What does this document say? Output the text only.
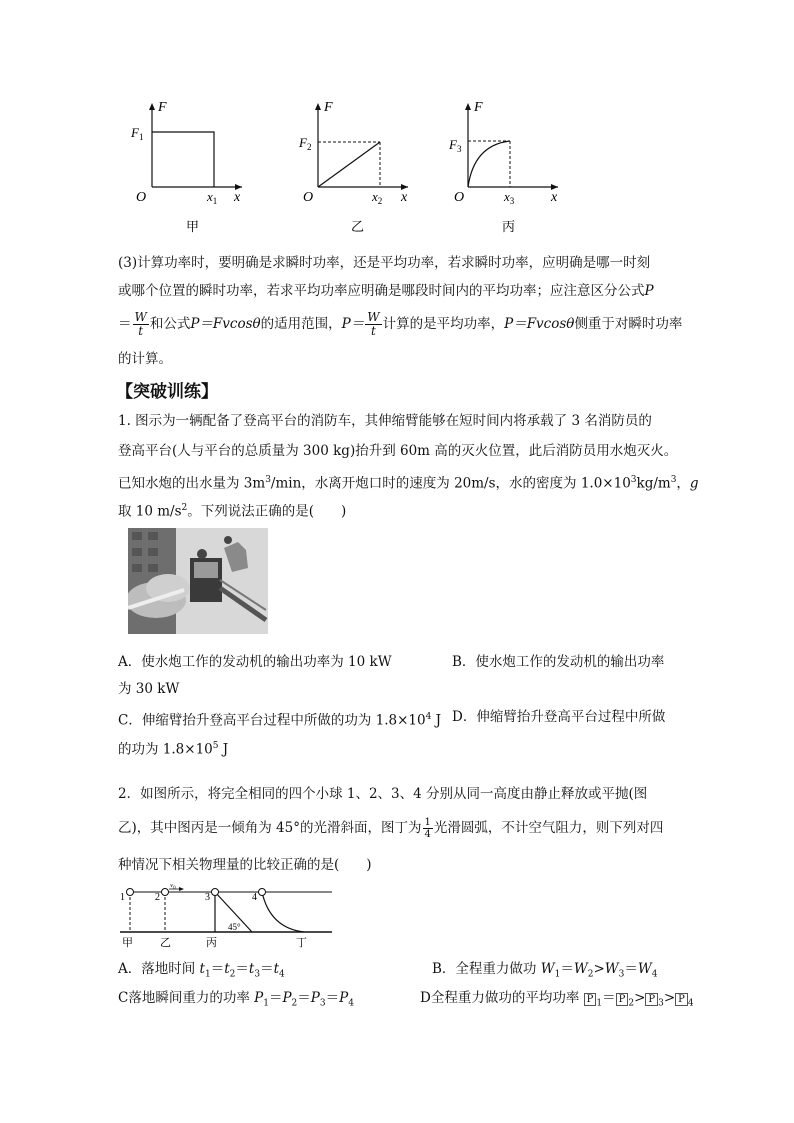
F
x
O
$F_1$
$x_1$
甲
F
x
O
$F_2$
$x_2$
乙
F
x
O
$F_3$
$x_3$
丙
(3)计算功率时，要明确是求瞬时功率，还是平均功率，若求瞬时功率，应明确是哪一时刻
或哪个位置的瞬时功率，若求平均功率应明确是哪段时间内的平均功率；应注意区分公式P
＝ $\frac{W}{t}$ 和公式P＝Fvcosθ的适用范围，$P= \frac{W}{t}$ 计算的是平均功率，P＝Fvcosθ侧重于对瞬时功率
的计算。
【突破训练】
1. 图示为一辆配备了登高平台的消防车，其伸缩臂能够在短时间内将承载了 3 名消防员的
登高平台(人与平台的总质量为 300 kg)抬升到 60m 高的灭火位置，此后消防员用水炮灭火。
已知水炮的出水量为 $3m^3/\min$，水离开炮口时的速度为 20m/s，水的密度为 $1.0\times 10^3kg/m^3$，g
取 10 $m/s^2$。下列说法正确的是(　　)
A．使水炮工作的发动机的输出功率为 10 kW	B．使水炮工作的发动机的输出功率
为 30 kW
C．伸缩臂抬升登高平台过程中所做的功为 $1.8\times 10^4$ J D．伸缩臂抬升登高平台过程中所做
的功为 $1.8\times 10^5$ J
2．如图所示，将完全相同的四个小球 1、2、3、4 分别从同一高度由静止释放或平抛(图
乙)，其中图丙是一倾角为 45°的光滑斜面，图丁为 $\frac{1}{4}$ 光滑圆弧，不计空气阻力，则下列对四
种情况下相关物理量的比较正确的是(　　)
1	2	3	4
$v_0$
45°
甲 乙	丙	丁
A．落地时间 $t_1=t_2=t_3=t_4$	B．全程重力做功 $W_1=W_2>W_3=W_4$
C落地瞬间重力的功率 $P_1=P_2=P_3=P_4$	D全程重力做功的平均功率 P $_1$＝ P $_2$> P $_3$> P $_4$
